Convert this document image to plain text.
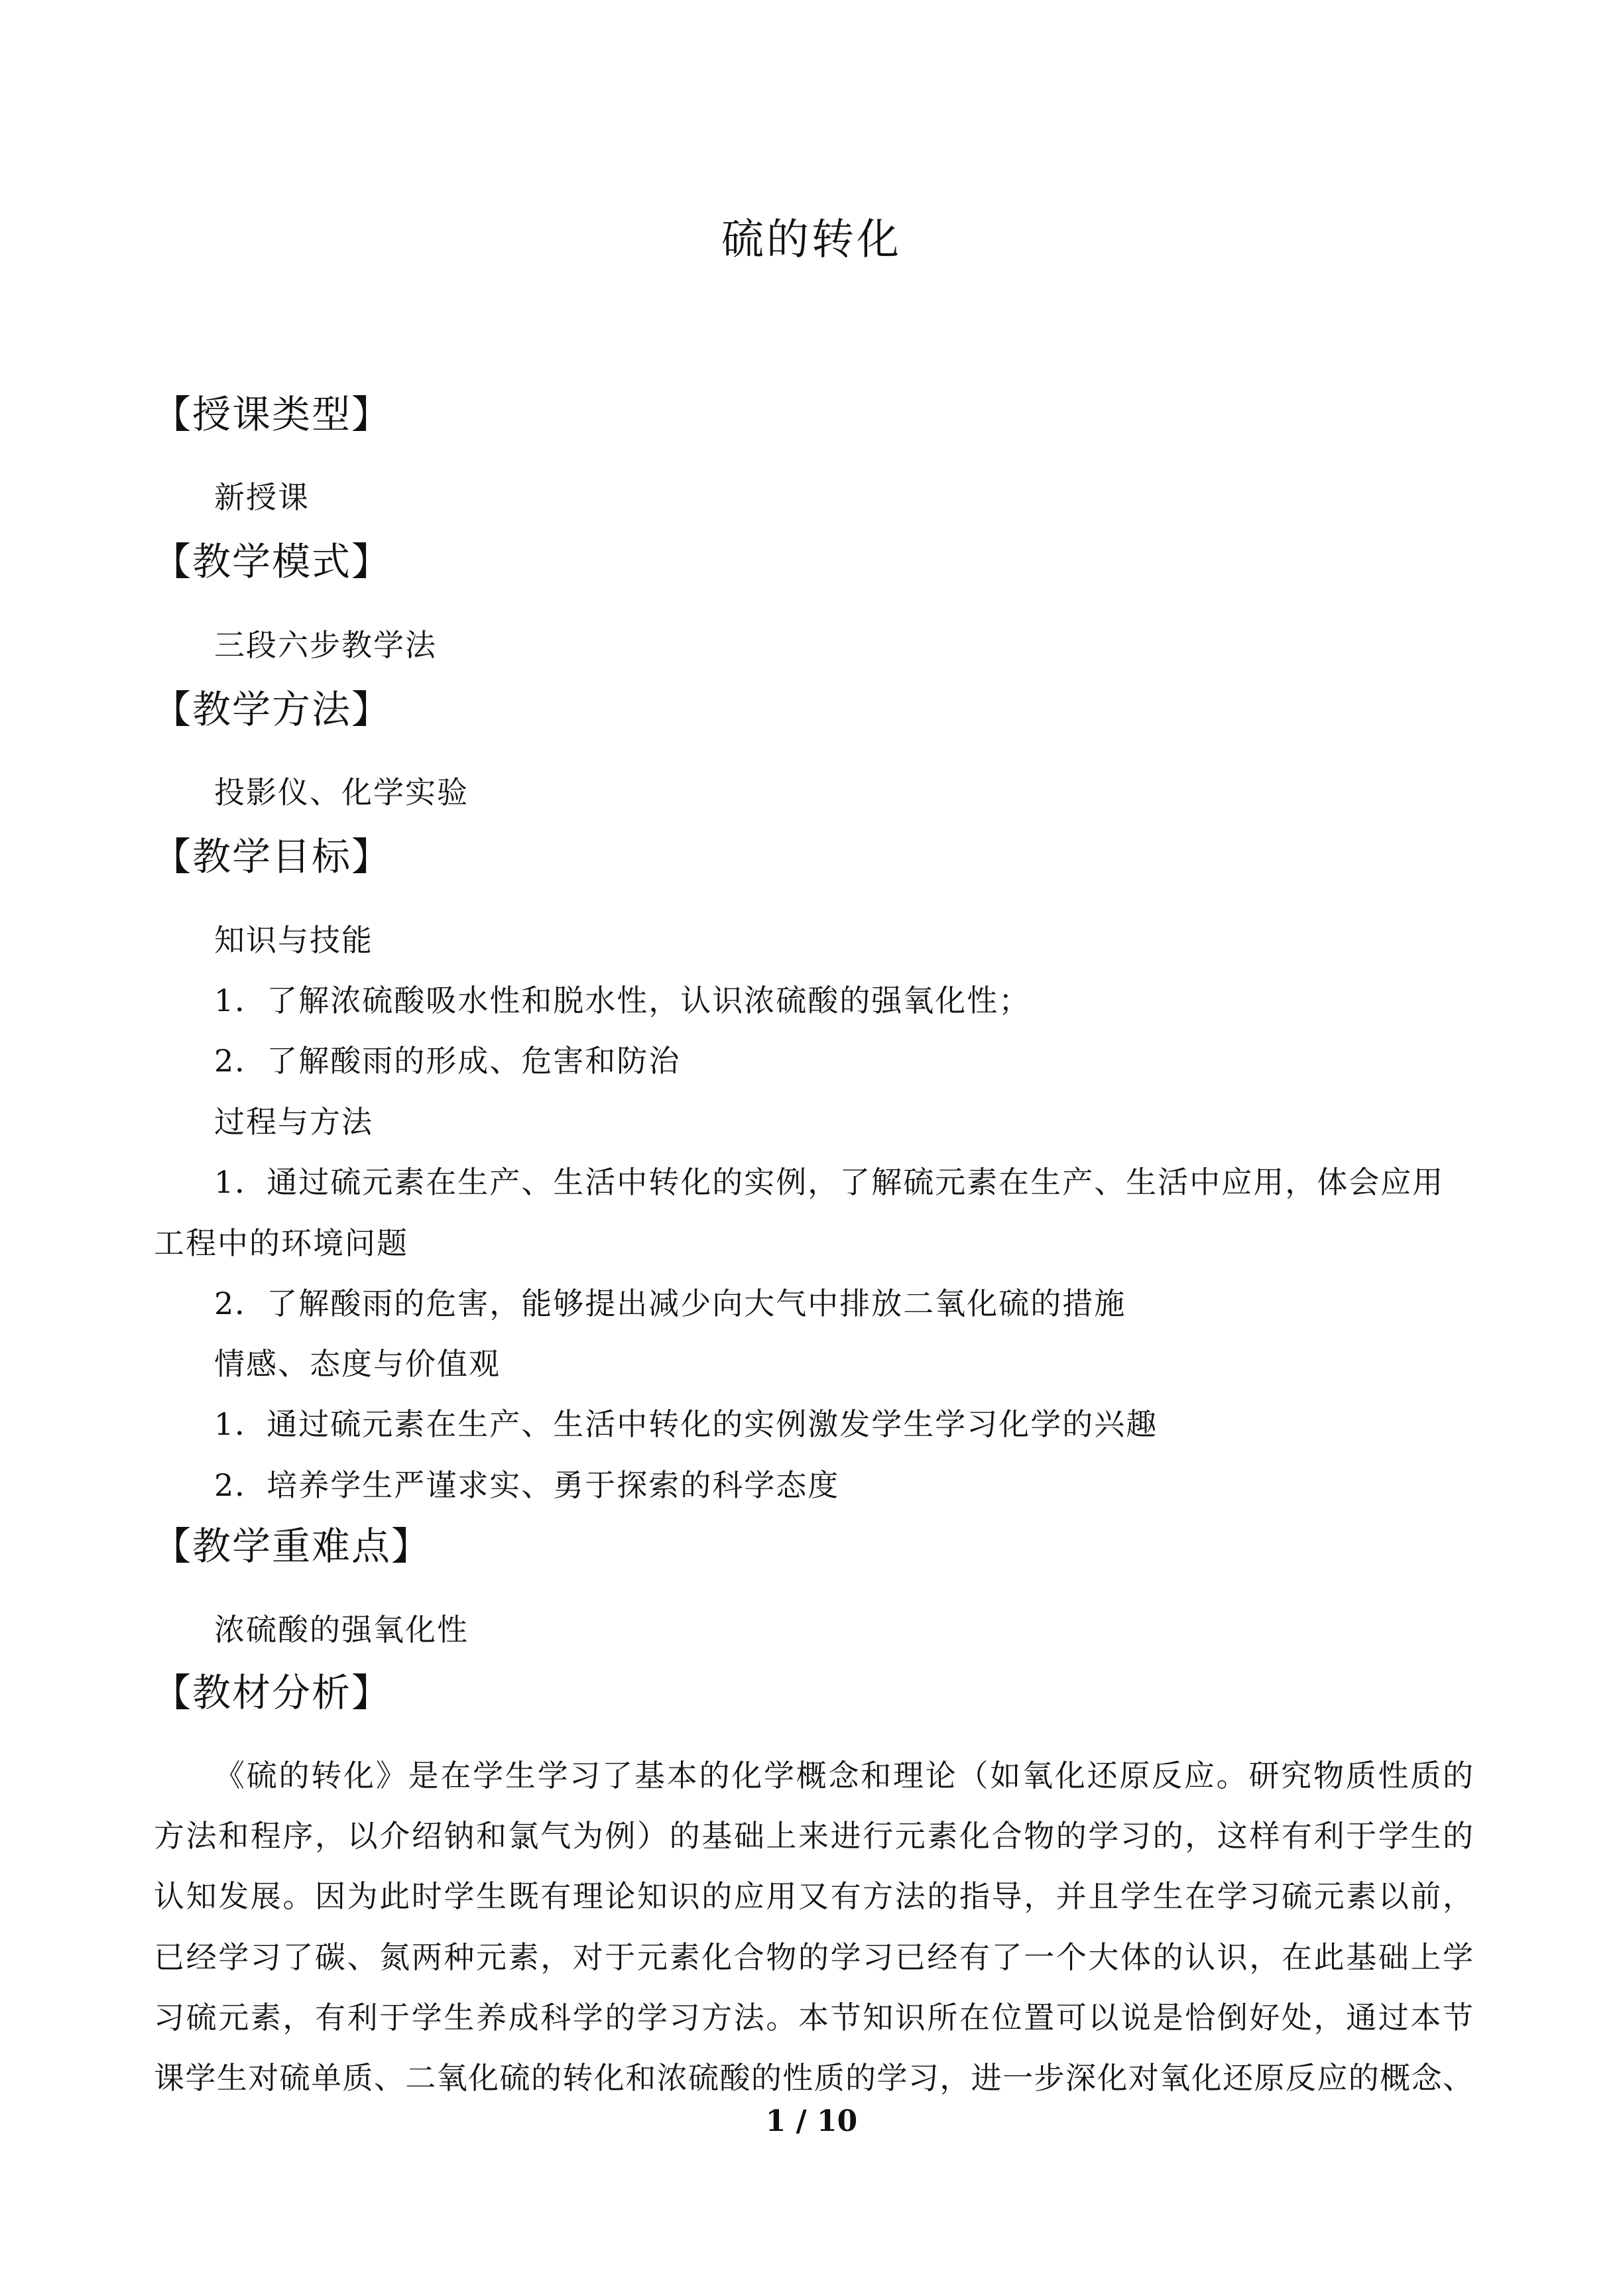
硫的转化
【授课类型】
新授课
【教学模式】
三段六步教学法
【教学方法】
投影仪、化学实验
【教学目标】
知识与技能
1．了解浓硫酸吸水性和脱水性，认识浓硫酸的强氧化性；
2．了解酸雨的形成、危害和防治
过程与方法
1．通过硫元素在生产、生活中转化的实例，了解硫元素在生产、生活中应用，体会应用
工程中的环境问题
2．了解酸雨的危害，能够提出减少向大气中排放二氧化硫的措施
情感、态度与价值观
1．通过硫元素在生产、生活中转化的实例激发学生学习化学的兴趣
2．培养学生严谨求实、勇于探索的科学态度
【教学重难点】
浓硫酸的强氧化性
【教材分析】
《硫的转化》是在学生学习了基本的化学概念和理论（如氧化还原反应。研究物质性质的
方法和程序，以介绍钠和氯气为例）的基础上来进行元素化合物的学习的，这样有利于学生的
认知发展。因为此时学生既有理论知识的应用又有方法的指导，并且学生在学习硫元素以前，
已经学习了碳、氮两种元素，对于元素化合物的学习已经有了一个大体的认识，在此基础上学
习硫元素，有利于学生养成科学的学习方法。本节知识所在位置可以说是恰倒好处，通过本节
课学生对硫单质、二氧化硫的转化和浓硫酸的性质的学习，进一步深化对氧化还原反应的概念、
1 / 10
